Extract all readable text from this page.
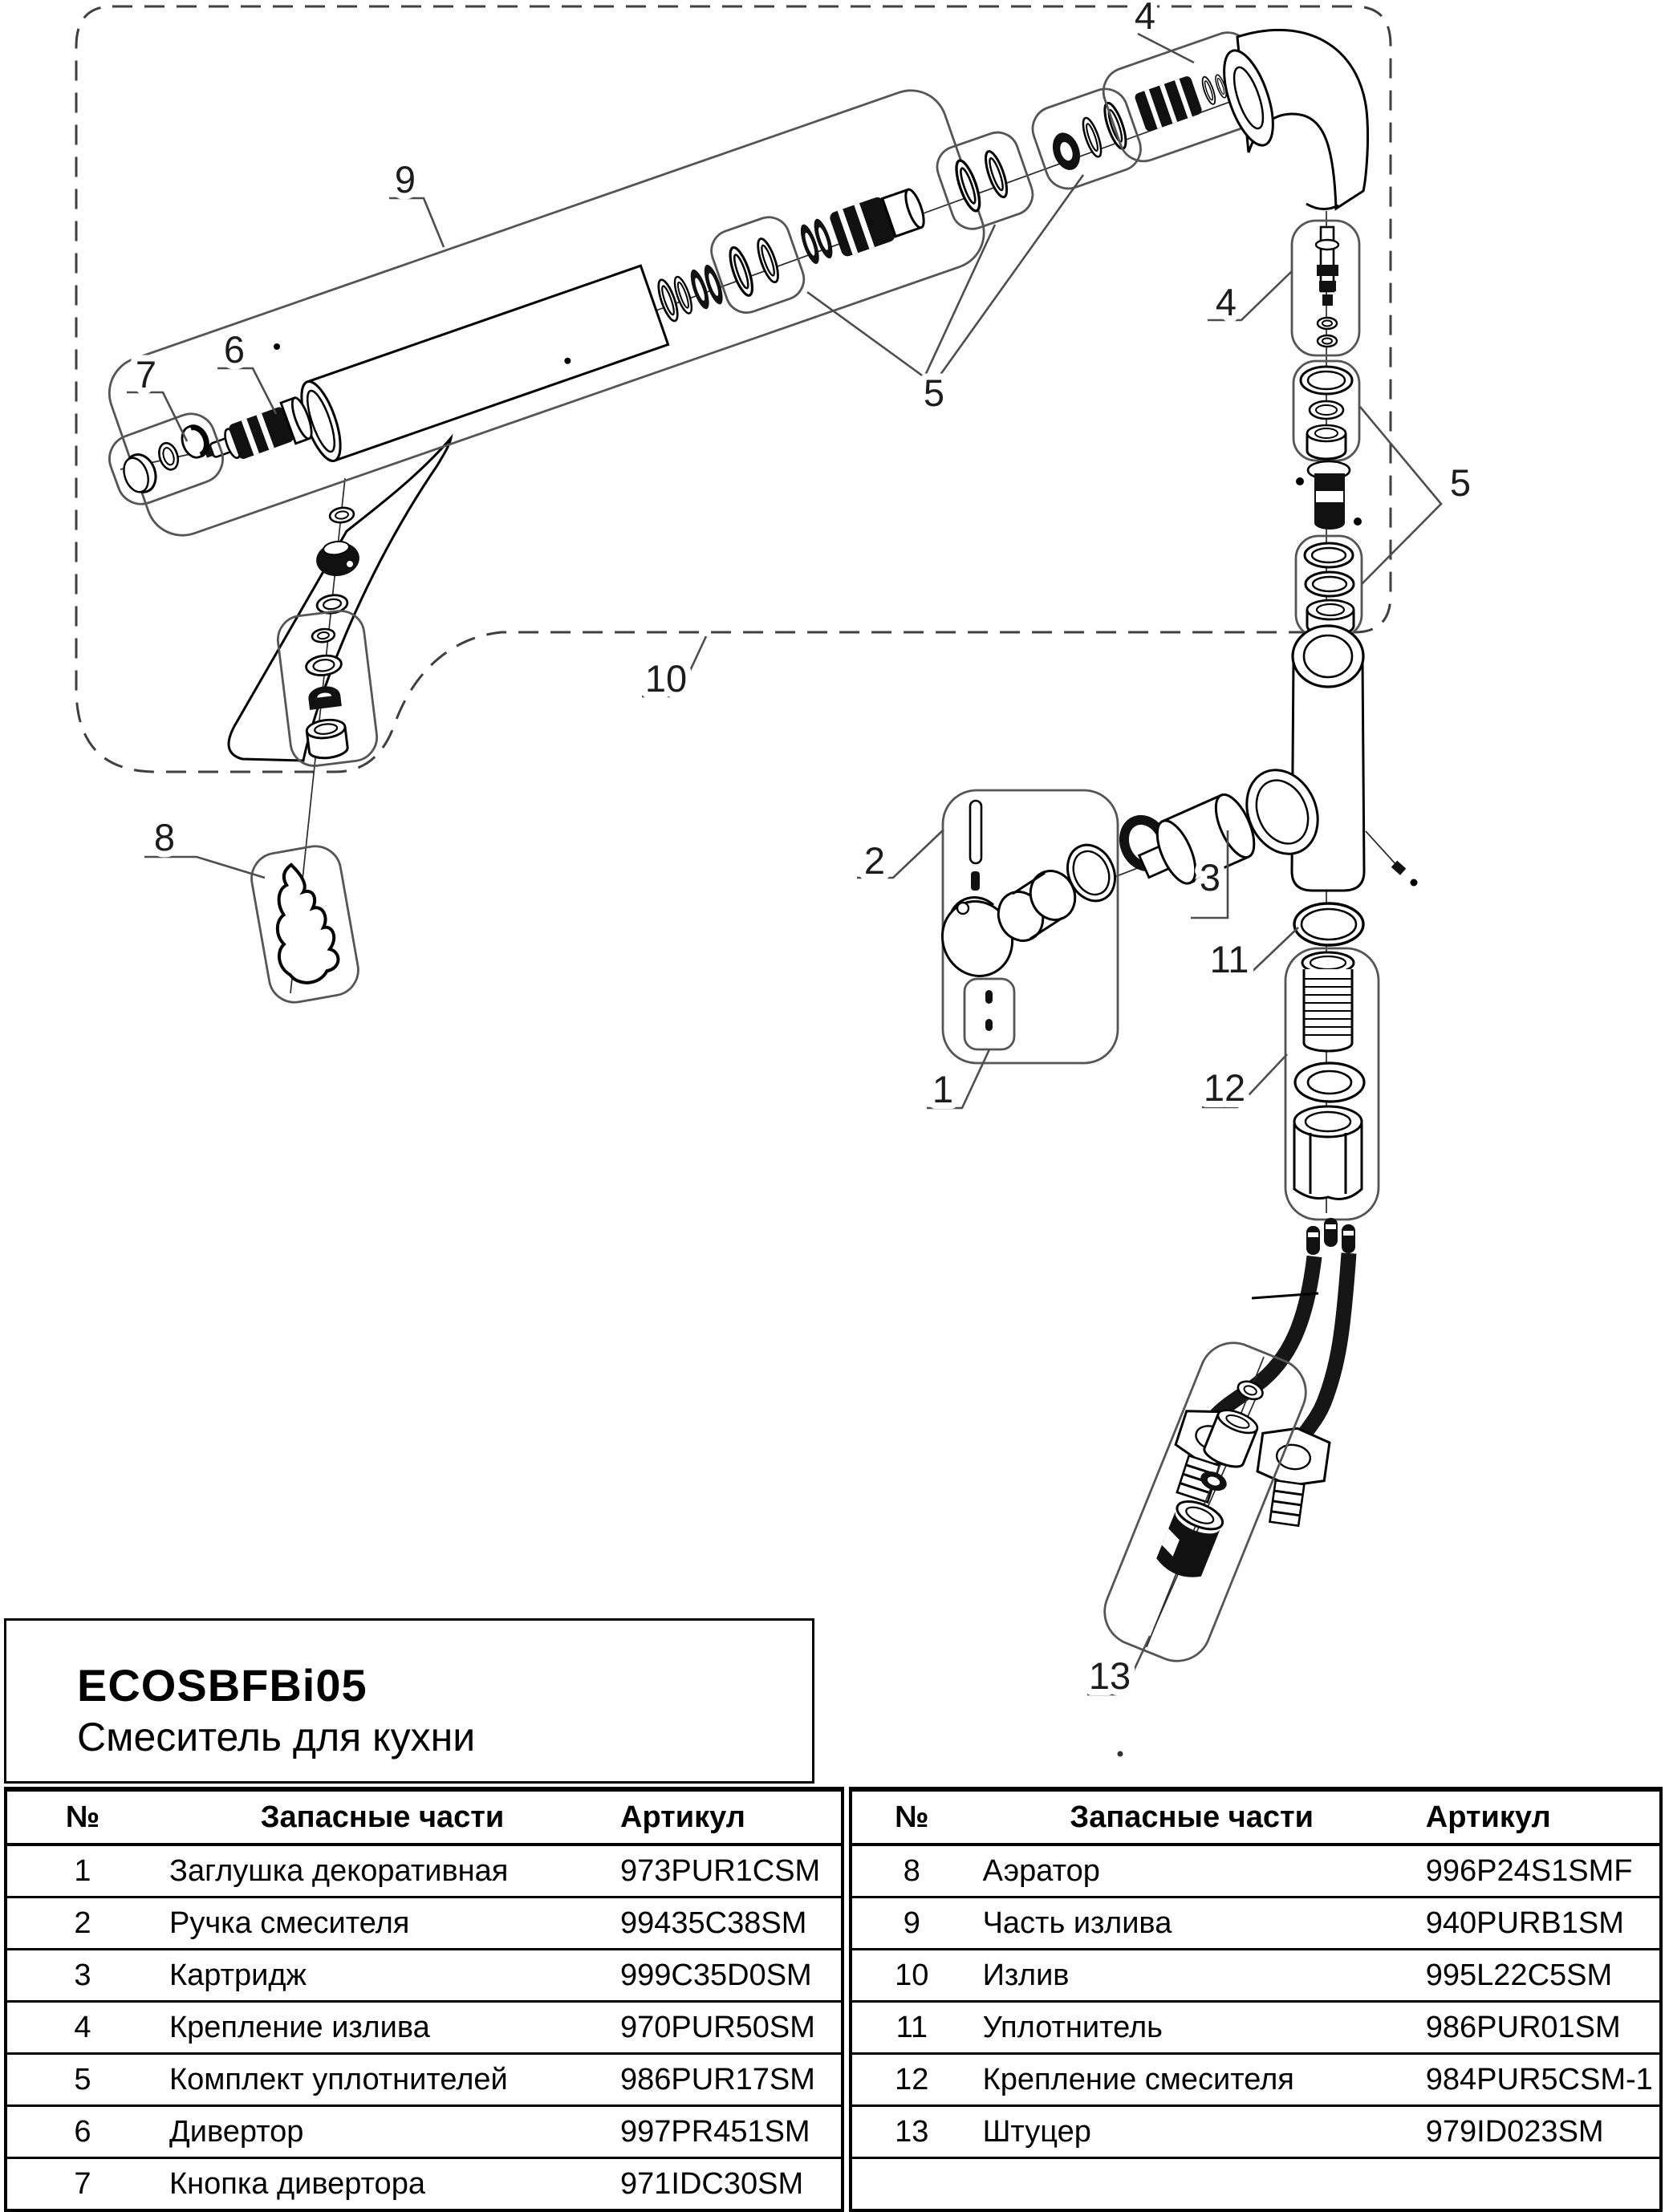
4
9
4
6
7	5
5
10
8
2	3
11
1	12
13
ECOSBFBi05
Смеситель для кухни
№	Запасные части	Артикул
1	Заглушка декоративная	973PUR1CSM
2	Ручка смесителя	99435C38SM
3	Картридж	999C35D0SM
4	Крепление излива	970PUR50SM
5	Комплект уплотнителей	986PUR17SM
6	Дивертор	997PR451SM
7	Кнопка дивертора	971IDC30SM
№	Запасные части	Артикул
8	Аэратор	996P24S1SMF
9	Часть излива	940PURB1SM
10	Излив	995L22C5SM
11	Уплотнитель	986PUR01SM
12	Крепление смесителя	984PUR5CSM-1
13	Штуцер	979ID023SM
